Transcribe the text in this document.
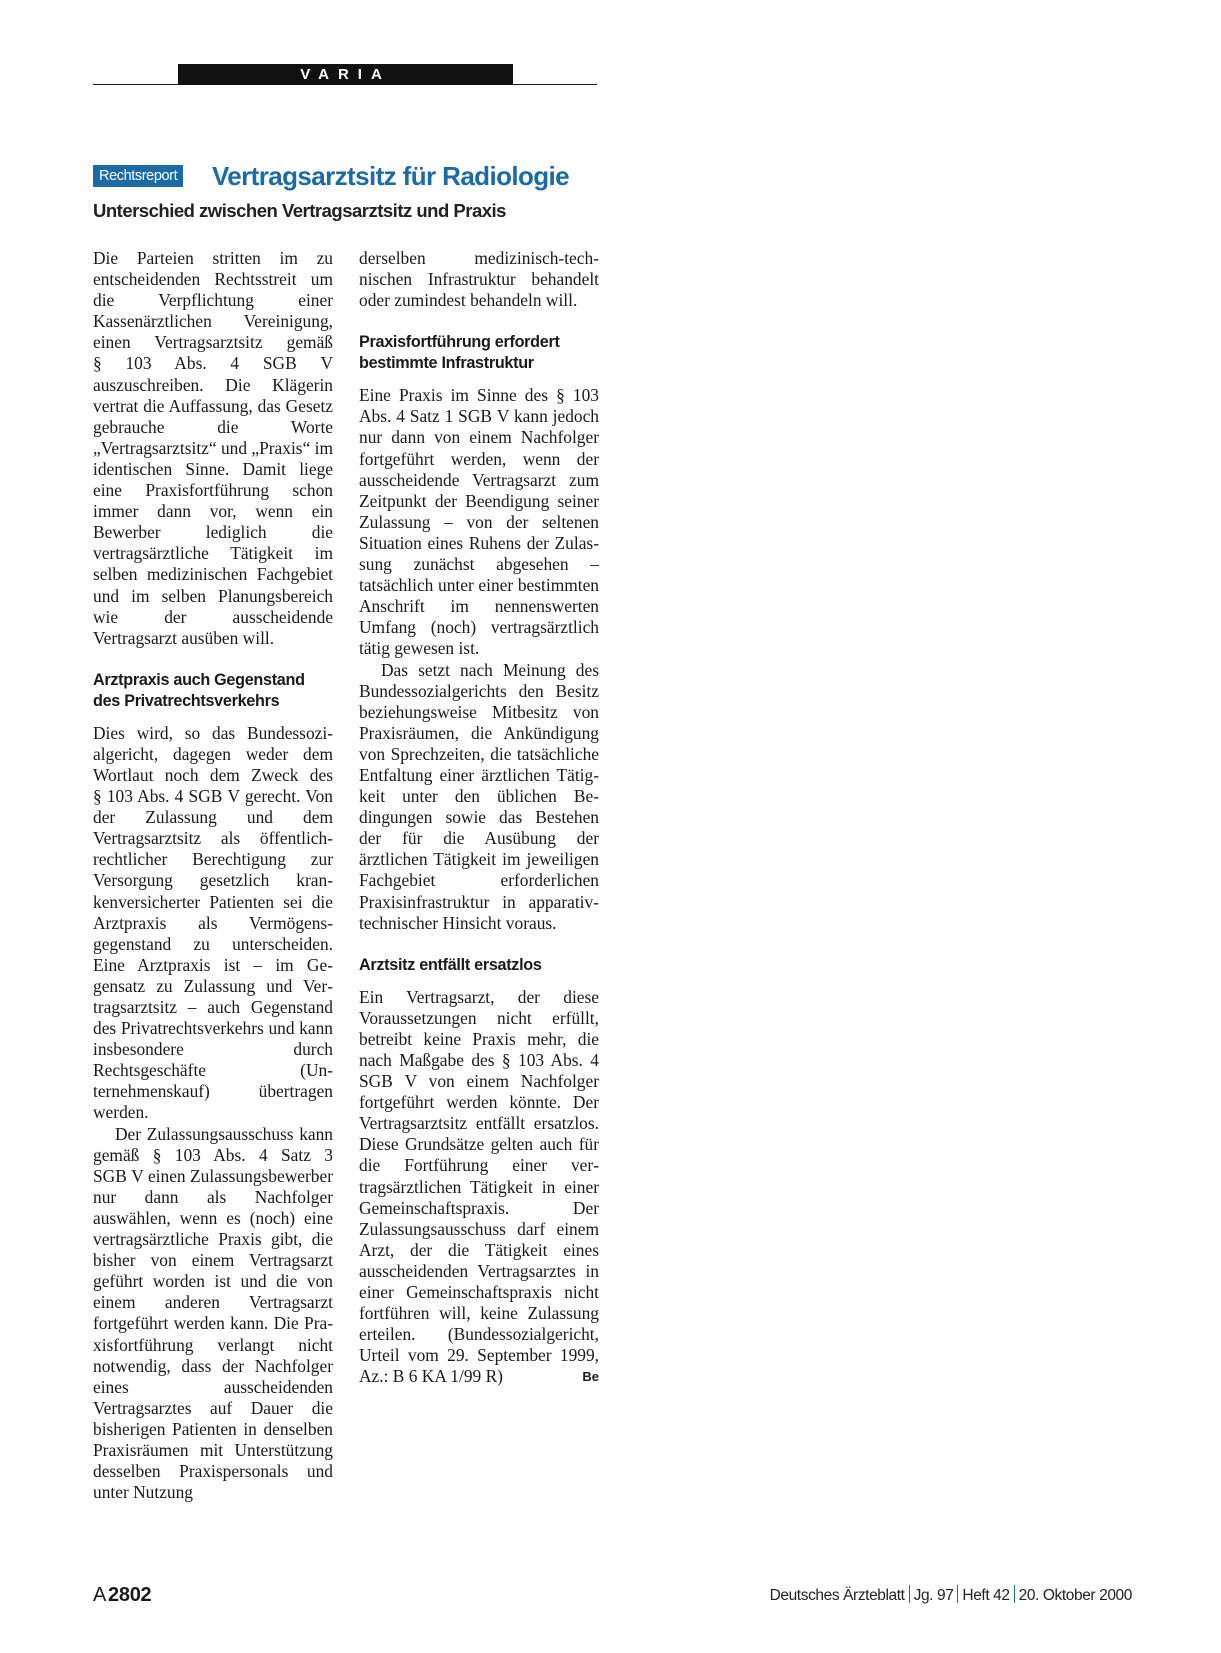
VARIA
Rechtsreport Vertragsarztsitz für Radiologie
Unterschied zwischen Vertragsarztsitz und Praxis

Die Parteien stritten im zu entscheidenden Rechtsstreit um die Verpflichtung einer Kassenärztlichen Vereinigung, einen Vertragsarztsitz gemäß § 103 Abs. 4 SGB V auszuschreiben. Die Klägerin vertrat die Auffassung, das Gesetz gebrauche die Worte „Vertragsarztsitz“ und „Praxis“ im identischen Sinne. Damit liege eine Praxisfortführung schon immer dann vor, wenn ein Bewerber lediglich die vertragsärztliche Tätigkeit im selben medizinischen Fachgebiet und im selben Planungsbereich wie der ausscheidende Vertragsarzt ausüben will.

Arztpraxis auch Gegenstand des Privatrechtsverkehrs

Dies wird, so das Bundessozialgericht, dagegen weder dem Wortlaut noch dem Zweck des § 103 Abs. 4 SGB V gerecht. Von der Zulassung und dem Vertragsarztsitz als öffentlichrechtlicher Berechtigung zur Versorgung gesetzlich krankenversicherter Patienten sei die Arztpraxis als Vermögensgegenstand zu unterscheiden. Eine Arztpraxis ist – im Gegensatz zu Zulassung und Vertragsarztsitz – auch Gegenstand des Privatrechtsverkehrs und kann insbesondere durch Rechtsgeschäfte (Unternehmenskauf) übertragen werden.

Der Zulassungsausschuss kann gemäß § 103 Abs. 4 Satz 3 SGB V einen Zulassungsbewerber nur dann als Nachfolger auswählen, wenn es (noch) eine vertragsärztliche Praxis gibt, die bisher von einem Vertragsarzt geführt worden ist und die von einem anderen Vertragsarzt fortgeführt werden kann. Die Praxisfortführung verlangt nicht notwendig, dass der Nachfolger eines ausscheidenden Vertragsarztes auf Dauer die bisherigen Patienten in denselben Praxisräumen mit Unterstützung desselben Praxispersonals und unter Nutzung

derselben medizinisch-technischen Infrastruktur behandelt oder zumindest behandeln will.

Praxisfortführung erfordert bestimmte Infrastruktur

Eine Praxis im Sinne des § 103 Abs. 4 Satz 1 SGB V kann jedoch nur dann von einem Nachfolger fortgeführt werden, wenn der ausscheidende Vertragsarzt zum Zeitpunkt der Beendigung seiner Zulassung – von der seltenen Situation eines Ruhens der Zulassung zunächst abgesehen – tatsächlich unter einer bestimmten Anschrift im nennenswerten Umfang (noch) vertragsärztlich tätig gewesen ist.

Das setzt nach Meinung des Bundessozialgerichts den Besitz beziehungsweise Mitbesitz von Praxisräumen, die Ankündigung von Sprechzeiten, die tatsächliche Entfaltung einer ärztlichen Tätigkeit unter den üblichen Bedingungen sowie das Bestehen der für die Ausübung der ärztlichen Tätigkeit im jeweiligen Fachgebiet erforderlichen Praxisinfrastruktur in apparativ-technischer Hinsicht voraus.

Arztsitz entfällt ersatzlos

Ein Vertragsarzt, der diese Voraussetzungen nicht erfüllt, betreibt keine Praxis mehr, die nach Maßgabe des § 103 Abs. 4 SGB V von einem Nachfolger fortgeführt werden könnte. Der Vertragsarztsitz entfällt ersatzlos. Diese Grundsätze gelten auch für die Fortführung einer vertragsärztlichen Tätigkeit in einer Gemeinschaftspraxis. Der Zulassungsausschuss darf einem Arzt, der die Tätigkeit eines ausscheidenden Vertragsarztes in einer Gemeinschaftspraxis nicht fortführen will, keine Zulassung erteilen. (Bundessozialgericht, Urteil vom 29. September 1999, Az.: B 6 KA 1/99 R)	Be

A 2802	Deutsches Ärzteblatt Jg. 97 Heft 42 20. Oktober 2000
